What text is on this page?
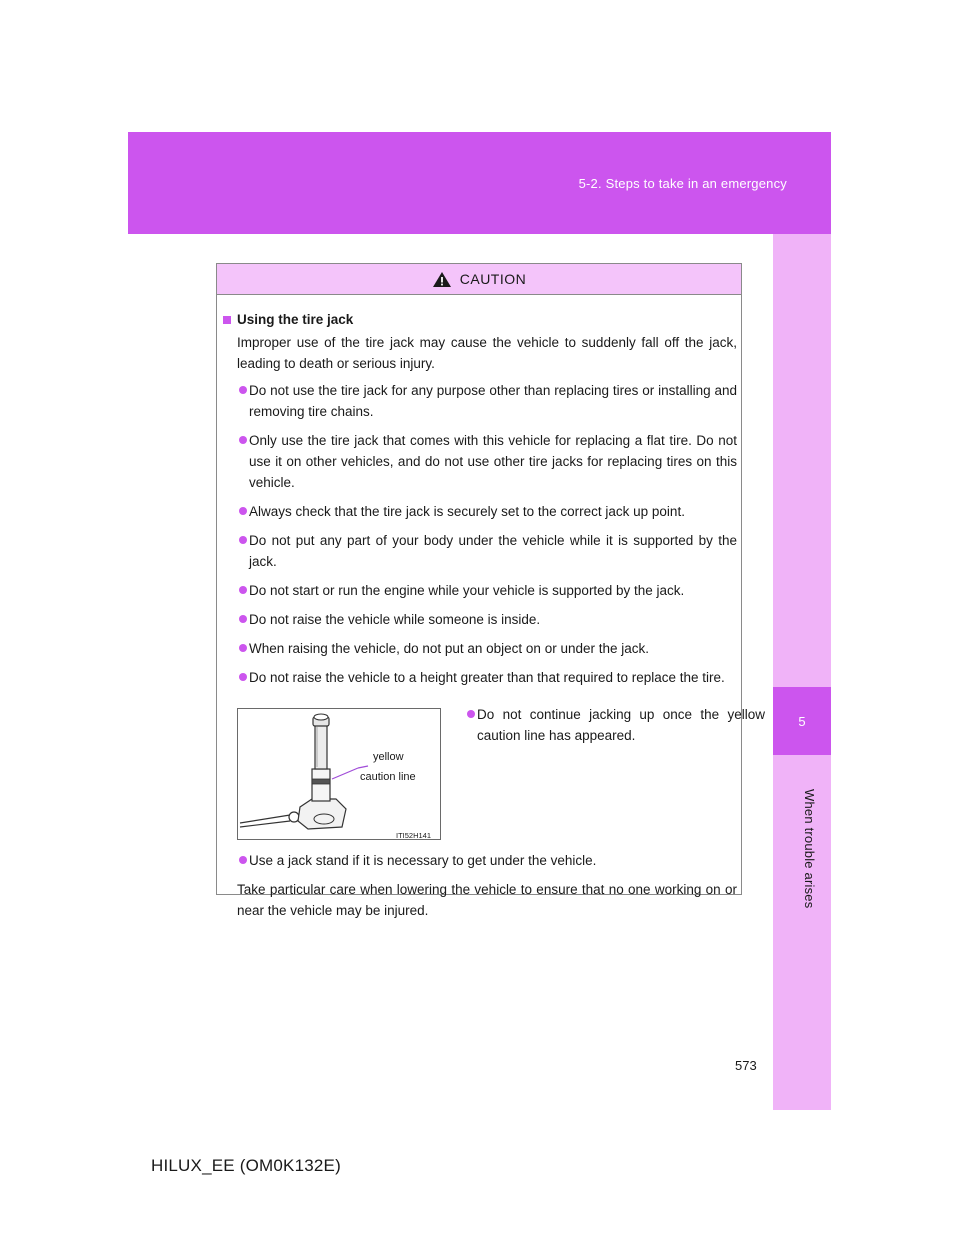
5-2. Steps to take in an emergency
5
When trouble arises
CAUTION
Using the tire jack
Improper use of the tire jack may cause the vehicle to suddenly fall off the jack, leading to death or serious injury.
Do not use the tire jack for any purpose other than replacing tires or installing and removing tire chains.
Only use the tire jack that comes with this vehicle for replacing a flat tire. Do not use it on other vehicles, and do not use other tire jacks for replacing tires on this vehicle.
Always check that the tire jack is securely set to the correct jack up point.
Do not put any part of your body under the vehicle while it is supported by the jack.
Do not start or run the engine while your vehicle is supported by the jack.
Do not raise the vehicle while someone is inside.
When raising the vehicle, do not put an object on or under the jack.
Do not raise the vehicle to a height greater than that required to replace the tire.
yellow
caution line
ITI52H141
Do not continue jacking up once the yellow caution line has appeared.
Use a jack stand if it is necessary to get under the vehicle.
Take particular care when lowering the vehicle to ensure that no one working on or near the vehicle may be injured.
573
HILUX_EE (OM0K132E)
